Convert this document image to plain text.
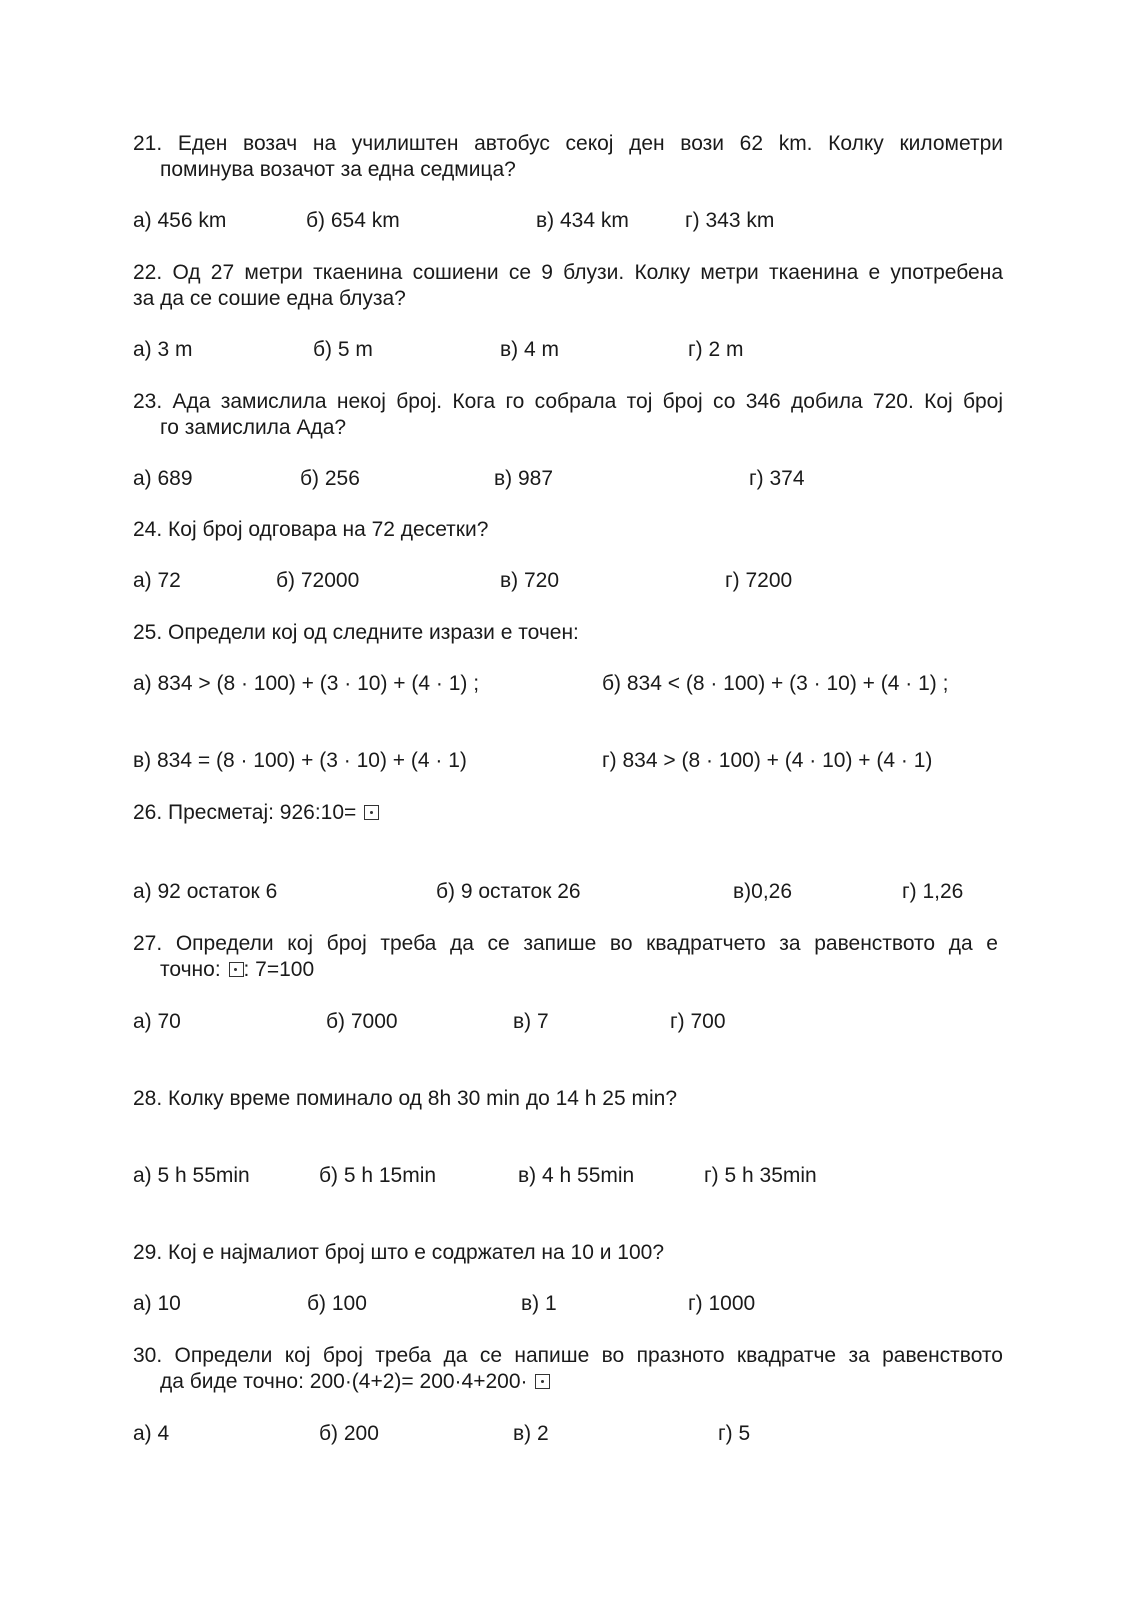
21. Еден возач на училиштен автобус секој ден вози 62 km. Колку километри
поминува возачот за една седмица?
а) 456 km	б) 654 km	в) 434 km	г) 343 km
22. Од 27 метри ткаенина сошиени се 9 блузи. Колку метри ткаенина е употребена
за да се сошие една блуза?
а) 3 m	б) 5 m	в) 4 m	г) 2 m
23. Ада замислила некој број. Кога го собрала тој број со 346 добила 720. Кој број
го замислила Ада?
а) 689	б) 256	в) 987	г) 374
24. Кој број одговара на 72 десетки?
а) 72	б) 72000	в) 720	г) 7200
25. Определи кој од следните изрази е точен:
а) 834 > (8 · 100) + (3 · 10) + (4 · 1) ;	б) 834 < (8 · 100) + (3 · 10) + (4 · 1) ;
в) 834 = (8 · 100) + (3 · 10) + (4 · 1)	г) 834 > (8 · 100) + (4 · 10) + (4 · 1)
26. Пресметај: 926:10=
а) 92 остаток 6	б) 9 остаток 26	в)0,26	г) 1,26
27. Определи кој број треба да се запише во квадратчето за равенството да е
точно: : 7=100
а) 70	б) 7000	в) 7	г) 700
28. Колку време поминало од 8h 30 min до 14 h 25 min?
а) 5 h 55min	б) 5 h 15min	в) 4 h 55min	г) 5 h 35min
29. Кој е најмалиот број што е содржател на 10 и 100?
а) 10	б) 100	в) 1	г) 1000
30. Определи кој број треба да се напише во празното квадратче за равенството
да биде точно: 200·(4+2)= 200·4+200·
а) 4	б) 200	в) 2	г) 5
